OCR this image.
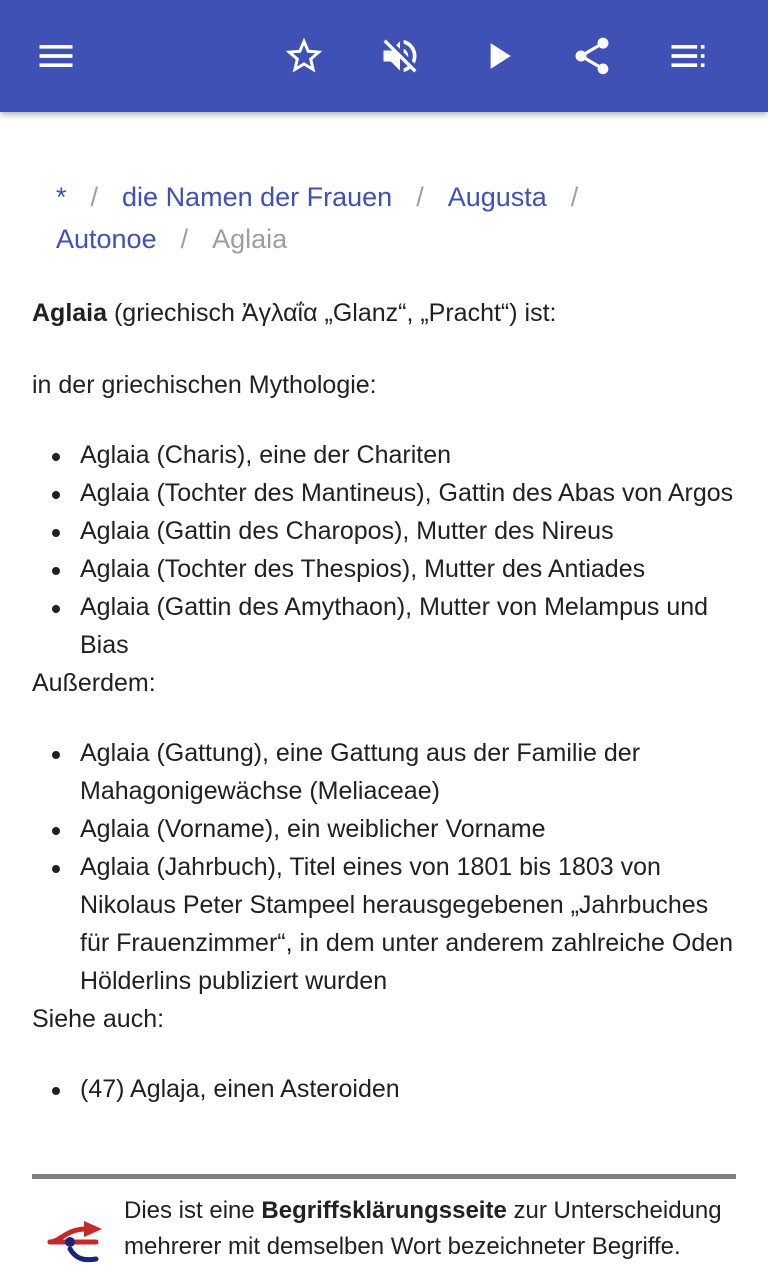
* / die Namen der Frauen / Augusta /
Autonoe / Aglaia

Aglaia (griechisch Ἀγλαΐα „Glanz“, „Pracht“) ist:

in der griechischen Mythologie:

Aglaia (Charis), eine der Chariten
Aglaia (Tochter des Mantineus), Gattin des Abas von Argos
Aglaia (Gattin des Charopos), Mutter des Nireus
Aglaia (Tochter des Thespios), Mutter des Antiades
Aglaia (Gattin des Amythaon), Mutter von Melampus und Bias

Außerdem:

Aglaia (Gattung), eine Gattung aus der Familie der Mahagonigewächse (Meliaceae)
Aglaia (Vorname), ein weiblicher Vorname
Aglaia (Jahrbuch), Titel eines von 1801 bis 1803 von Nikolaus Peter Stampeel herausgegebenen „Jahrbuches für Frauenzimmer“, in dem unter anderem zahlreiche Oden Hölderlins publiziert wurden

Siehe auch:

(47) Aglaja, einen Asteroiden

Dies ist eine Begriffsklärungsseite zur Unterscheidung mehrerer mit demselben Wort bezeichneter Begriffe.
